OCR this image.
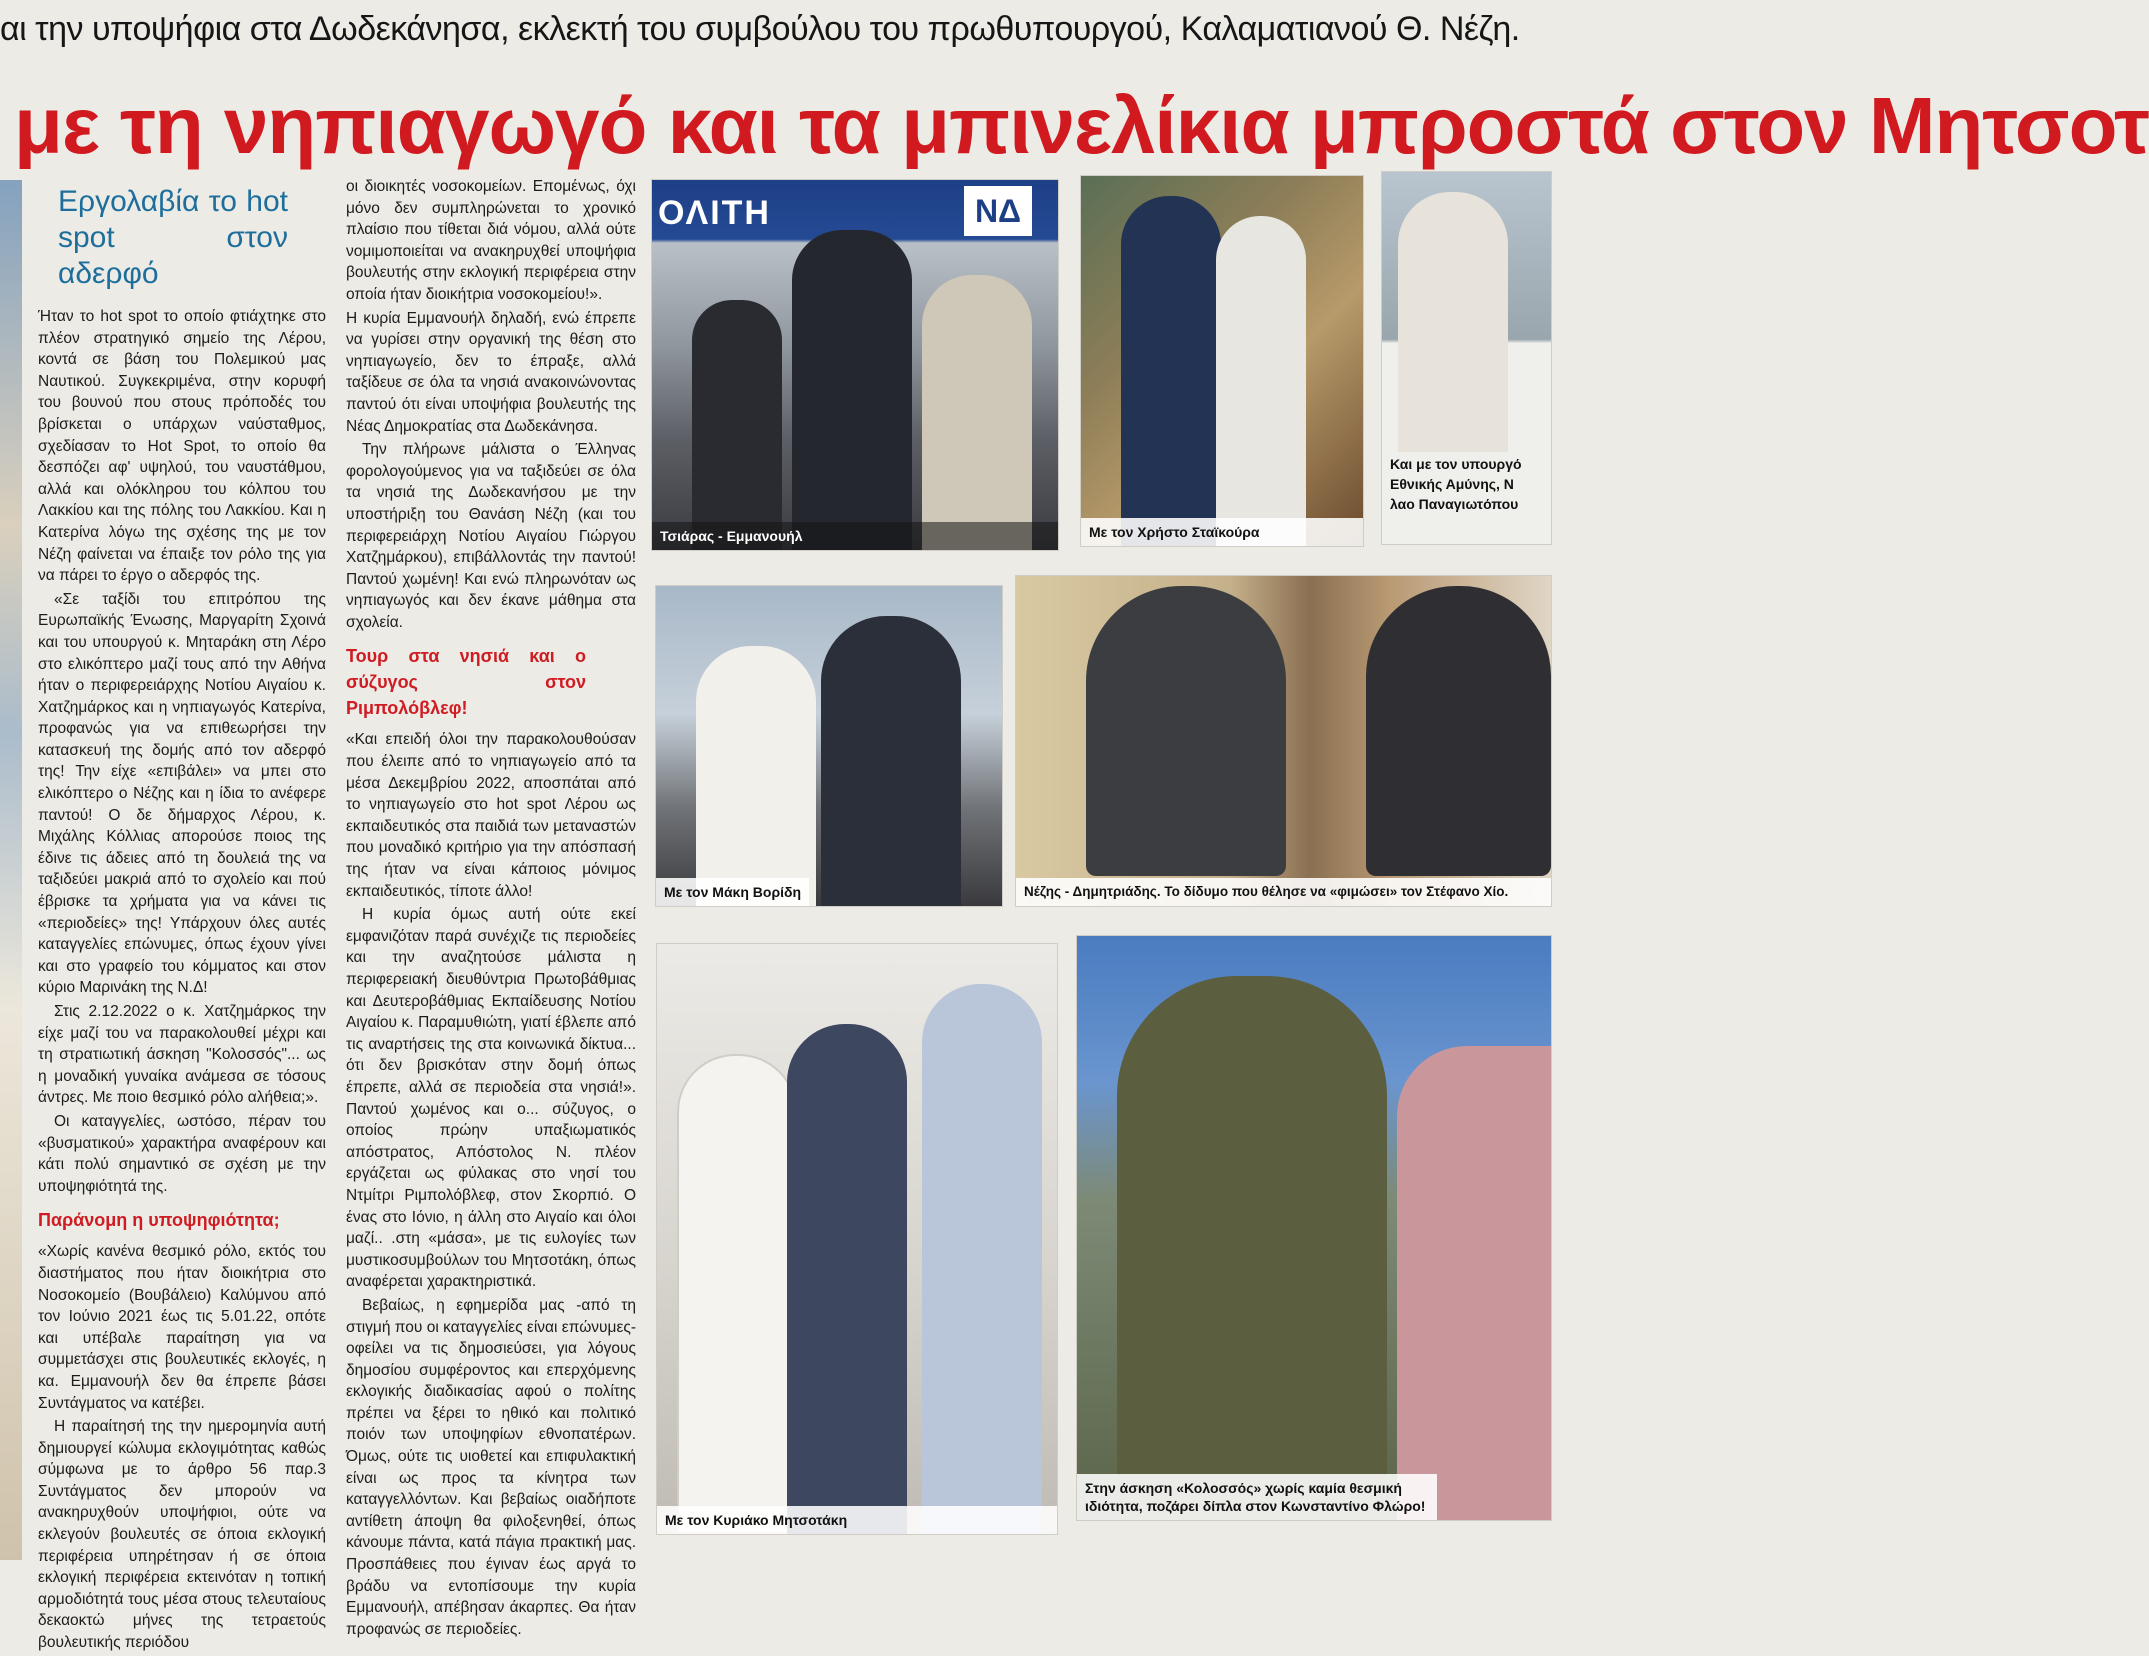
αι την υποψήφια στα Δωδεκάνησα, εκλεκτή του συμβούλου του πρωθυπουργού, Καλαματιανού Θ. Νέζη.
με τη νηπιαγωγό και τα μπινελίκια μπροστά στον Μητσοτ
Εργολαβία το hot spot στον αδερφό

Ήταν το hot spot το οποίο φτιάχτηκε στο πλέον στρατηγικό σημείο της Λέρου, κοντά σε βάση του Πολεμικού μας Ναυτικού. Συγκεκριμένα, στην κορυφή του βουνού που στους πρόποδές του βρίσκεται ο υπάρχων ναύσταθμος, σχεδίασαν το Hot Spot, το οποίο θα δεσπόζει αφ' υψηλού, του ναυστάθμου, αλλά και ολόκληρου του κόλπου του Λακκίου και της πόλης του Λακκίου. Και η Κατερίνα λόγω της σχέσης της με τον Νέζη φαίνεται να έπαιξε τον ρόλο της για να πάρει το έργο ο αδερφός της.

«Σε ταξίδι του επιτρόπου της Ευρωπαϊκής Ένωσης, Μαργαρίτη Σχοινά και του υπουργού κ. Μηταράκη στη Λέρο στο ελικόπτερο μαζί τους από την Αθήνα ήταν ο περιφερειάρχης Νοτίου Αιγαίου κ. Χατζημάρκος και η νηπιαγωγός Κατερίνα, προφανώς για να επιθεωρήσει την κατασκευή της δομής από τον αδερφό της! Την είχε «επιβάλει» να μπει στο ελικόπτερο ο Νέζης και η ίδια το ανέφερε παντού! Ο δε δήμαρχος Λέρου, κ. Μιχάλης Κόλλιας απορούσε ποιος της έδινε τις άδειες από τη δουλειά της να ταξιδεύει μακριά από το σχολείο και πού έβρισκε τα χρήματα για να κάνει τις «περιοδείες» της! Υπάρχουν όλες αυτές καταγγελίες επώνυμες, όπως έχουν γίνει και στο γραφείο του κόμματος και στον κύριο Μαρινάκη της Ν.Δ!

Στις 2.12.2022 ο κ. Χατζημάρκος την είχε μαζί του να παρακολουθεί μέχρι και τη στρατιωτική άσκηση "Κολοσσός"... ως η μοναδική γυναίκα ανάμεσα σε τόσους άντρες. Με ποιο θεσμικό ρόλο αλήθεια;».

Οι καταγγελίες, ωστόσο, πέραν του «βυσματικού» χαρακτήρα αναφέρουν και κάτι πολύ σημαντικό σε σχέση με την υποψηφιότητά της.

Παράνομη η υποψηφιότητα;

«Χωρίς κανένα θεσμικό ρόλο, εκτός του διαστήματος που ήταν διοικήτρια στο Νοσοκομείο (Βουβάλειο) Καλύμνου από τον Ιούνιο 2021 έως τις 5.01.22, οπότε και υπέβαλε παραίτηση για να συμμετάσχει στις βουλευτικές εκλογές, η κα. Εμμανουήλ δεν θα έπρεπε βάσει Συντάγματος να κατέβει.

Η παραίτησή της την ημερομηνία αυτή δημιουργεί κώλυμα εκλογιμότητας καθώς σύμφωνα με το άρθρο 56 παρ.3 Συντάγματος δεν μπορούν να ανακηρυχθούν υποψήφιοι, ούτε να εκλεγούν βουλευτές σε όποια εκλογική περιφέρεια υπηρέτησαν ή σε όποια εκλογική περιφέρεια εκτεινόταν η τοπική αρμοδιότητά τους μέσα στους τελευταίους δεκαοκτώ μήνες της τετραετούς βουλευτικής περιόδου

οι διοικητές νοσοκομείων. Επομένως, όχι μόνο δεν συμπληρώνεται το χρονικό πλαίσιο που τίθεται διά νόμου, αλλά ούτε νομιμοποιείται να ανακηρυχθεί υποψήφια βουλευτής στην εκλογική περιφέρεια στην οποία ήταν διοικήτρια νοσοκομείου!».

Η κυρία Εμμανουήλ δηλαδή, ενώ έπρεπε να γυρίσει στην οργανική της θέση στο νηπιαγωγείο, δεν το έπραξε, αλλά ταξίδευε σε όλα τα νησιά ανακοινώνοντας παντού ότι είναι υποψήφια βουλευτής της Νέας Δημοκρατίας στα Δωδεκάνησα.

Την πλήρωνε μάλιστα ο Έλληνας φορολογούμενος για να ταξιδεύει σε όλα τα νησιά της Δωδεκανήσου με την υποστήριξη του Θανάση Νέζη (και του περιφερειάρχη Νοτίου Αιγαίου Γιώργου Χατζημάρκου), επιβάλλοντάς την παντού! Παντού χωμένη! Και ενώ πληρωνόταν ως νηπιαγωγός και δεν έκανε μάθημα στα σχολεία.

Τουρ στα νησιά και ο σύζυγος στον Ριμπολόβλεφ!

«Και επειδή όλοι την παρακολουθούσαν που έλειπε από το νηπιαγωγείο από τα μέσα Δεκεμβρίου 2022, αποσπάται από το νηπιαγωγείο στο hot spot Λέρου ως εκπαιδευτικός στα παιδιά των μεταναστών που μοναδικό κριτήριο για την απόσπασή της ήταν να είναι κάποιος μόνιμος εκπαιδευτικός, τίποτε άλλο!

Η κυρία όμως αυτή ούτε εκεί εμφανιζόταν παρά συνέχιζε τις περιοδείες και την αναζητούσε μάλιστα η περιφερειακή διευθύντρια Πρωτοβάθμιας και Δευτεροβάθμιας Εκπαίδευσης Νοτίου Αιγαίου κ. Παραμυθιώτη, γιατί έβλεπε από τις αναρτήσεις της στα κοινωνικά δίκτυα... ότι δεν βρισκόταν στην δομή όπως έπρεπε, αλλά σε περιοδεία στα νησιά!». Παντού χωμένος και ο... σύζυγος, ο οποίος πρώην υπαξιωματικός απόστρατος, Απόστολος Ν. πλέον εργάζεται ως φύλακας στο νησί του Ντμίτρι Ριμπολόβλεφ, στον Σκορπιό. Ο ένας στο Ιόνιο, η άλλη στο Αιγαίο και όλοι μαζί.. .στη «μάσα», με τις ευλογίες των μυστικοσυμβούλων του Μητσοτάκη, όπως αναφέρεται χαρακτηριστικά.

Βεβαίως, η εφημερίδα μας -από τη στιγμή που οι καταγγελίες είναι επώνυμες- οφείλει να τις δημοσιεύσει, για λόγους δημοσίου συμφέροντος και επερχόμενης εκλογικής διαδικασίας αφού ο πολίτης πρέπει να ξέρει το ηθικό και πολιτικό ποιόν των υποψηφίων εθνοπατέρων. Όμως, ούτε τις υιοθετεί και επιφυλακτική είναι ως προς τα κίνητρα των καταγγελλόντων. Και βεβαίως οιαδήποτε αντίθετη άποψη θα φιλοξενηθεί, όπως κάνουμε πάντα, κατά πάγια πρακτική μας. Προσπάθειες που έγιναν έως αργά το βράδυ να εντοπίσουμε την κυρία Εμμανουήλ, απέβησαν άκαρπες. Θα ήταν προφανώς σε περιοδείες.

ΟΛΙΤΗ	ΝΔ
Τσιάρας - Εμμανουήλ	Με τον Χρήστο Σταϊκούρα
Και με τον υπουργό
Εθνικής Αμύνης, Ν
λαο Παναγιωτόπου
Με τον Μάκη Βορίδη	Νέζης - Δημητριάδης. Το δίδυμο που θέλησε να «φιμώσει» τον Στέφανο Χίο.
Με τον Κυριάκο Μητσοτάκη
Στην άσκηση «Κολοσσός» χωρίς καμία θεσμική
ιδιότητα, ποζάρει δίπλα στον Κωνσταντίνο Φλώρο!
